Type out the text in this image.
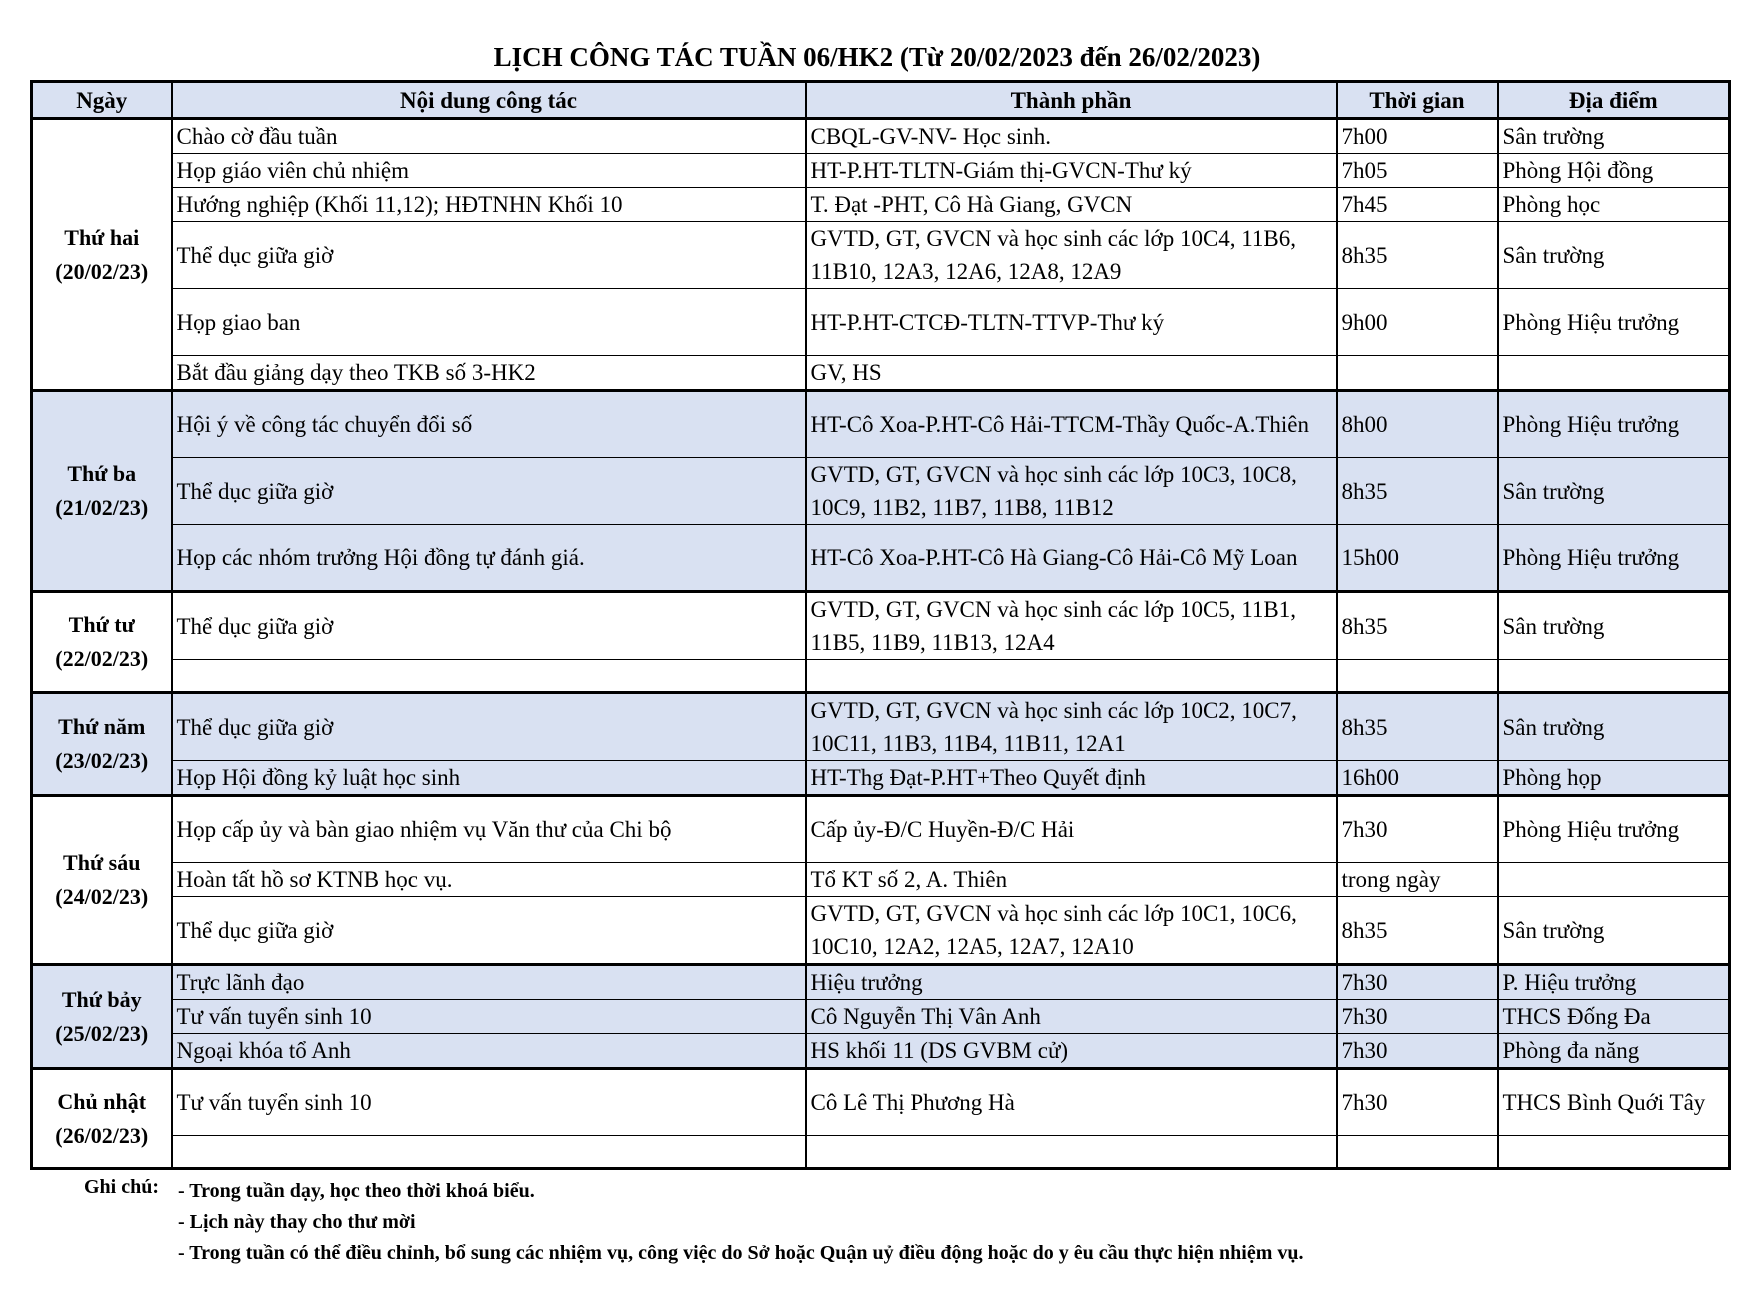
LỊCH CÔNG TÁC TUẦN 06/HK2 (Từ 20/02/2023 đến 26/02/2023)
Ngày	Nội dung công tác	Thành phần	Thời gian	Địa điểm

Thứ hai
(20/02/23)	Chào cờ đầu tuần	CBQL-GV-NV- Học sinh.	7h00	Sân trường
	Họp giáo viên chủ nhiệm	HT-P.HT-TLTN-Giám thị-GVCN-Thư ký	7h05	Phòng Hội đồng
	Hướng nghiệp (Khối 11,12); HĐTNHN Khối 10	T. Đạt -PHT, Cô Hà Giang, GVCN	7h45	Phòng học
	Thể dục giữa giờ	GVTD, GT, GVCN và học sinh các lớp 10C4, 11B6, 11B10, 12A3, 12A6, 12A8, 12A9	8h35	Sân trường
	Họp giao ban	HT-P.HT-CTCĐ-TLTN-TTVP-Thư ký	9h00	Phòng Hiệu trưởng
	Bắt đầu giảng dạy theo TKB số 3-HK2	GV, HS		

Thứ ba
(21/02/23)	Hội ý về công tác chuyển đổi số	HT-Cô Xoa-P.HT-Cô Hải-TTCM-Thầy Quốc-A.Thiên	8h00	Phòng Hiệu trưởng
	Thể dục giữa giờ	GVTD, GT, GVCN và học sinh các lớp 10C3, 10C8, 10C9, 11B2, 11B7, 11B8, 11B12	8h35	Sân trường
	Họp các nhóm trưởng Hội đồng tự đánh giá.	HT-Cô Xoa-P.HT-Cô Hà Giang-Cô Hải-Cô Mỹ Loan	15h00	Phòng Hiệu trưởng

Thứ tư
(22/02/23)	Thể dục giữa giờ	GVTD, GT, GVCN và học sinh các lớp 10C5, 11B1, 11B5, 11B9, 11B13, 12A4	8h35	Sân trường

Thứ năm
(23/02/23)	Thể dục giữa giờ	GVTD, GT, GVCN và học sinh các lớp 10C2, 10C7, 10C11, 11B3, 11B4, 11B11, 12A1	8h35	Sân trường
	Họp Hội đồng kỷ luật học sinh	HT-Thg Đạt-P.HT+Theo Quyết định	16h00	Phòng họp

Thứ sáu
(24/02/23)	Họp cấp ủy và bàn giao nhiệm vụ Văn thư của Chi bộ	Cấp ủy-Đ/C Huyền-Đ/C Hải	7h30	Phòng Hiệu trưởng
	Hoàn tất hồ sơ KTNB học vụ.	Tổ KT số 2, A. Thiên	trong ngày	
	Thể dục giữa giờ	GVTD, GT, GVCN và học sinh các lớp 10C1, 10C6, 10C10, 12A2, 12A5, 12A7, 12A10	8h35	Sân trường

Thứ bảy
(25/02/23)	Trực lãnh đạo	Hiệu trưởng	7h30	P. Hiệu trưởng
	Tư vấn tuyển sinh 10	Cô Nguyễn Thị Vân Anh	7h30	THCS Đống Đa
	Ngoại khóa tổ Anh	HS khối 11 (DS GVBM cử)	7h30	Phòng đa năng

Chủ nhật
(26/02/23)	Tư vấn tuyển sinh 10	Cô Lê Thị Phương Hà	7h30	THCS Bình Quới Tây

Ghi chú: - Trong tuần dạy, học theo thời khoá biểu.
- Lịch này thay cho thư mời
- Trong tuần có thể điều chỉnh, bổ sung các nhiệm vụ, công việc do Sở hoặc Quận uỷ điều động hoặc do y êu cầu thực hiện nhiệm vụ.
